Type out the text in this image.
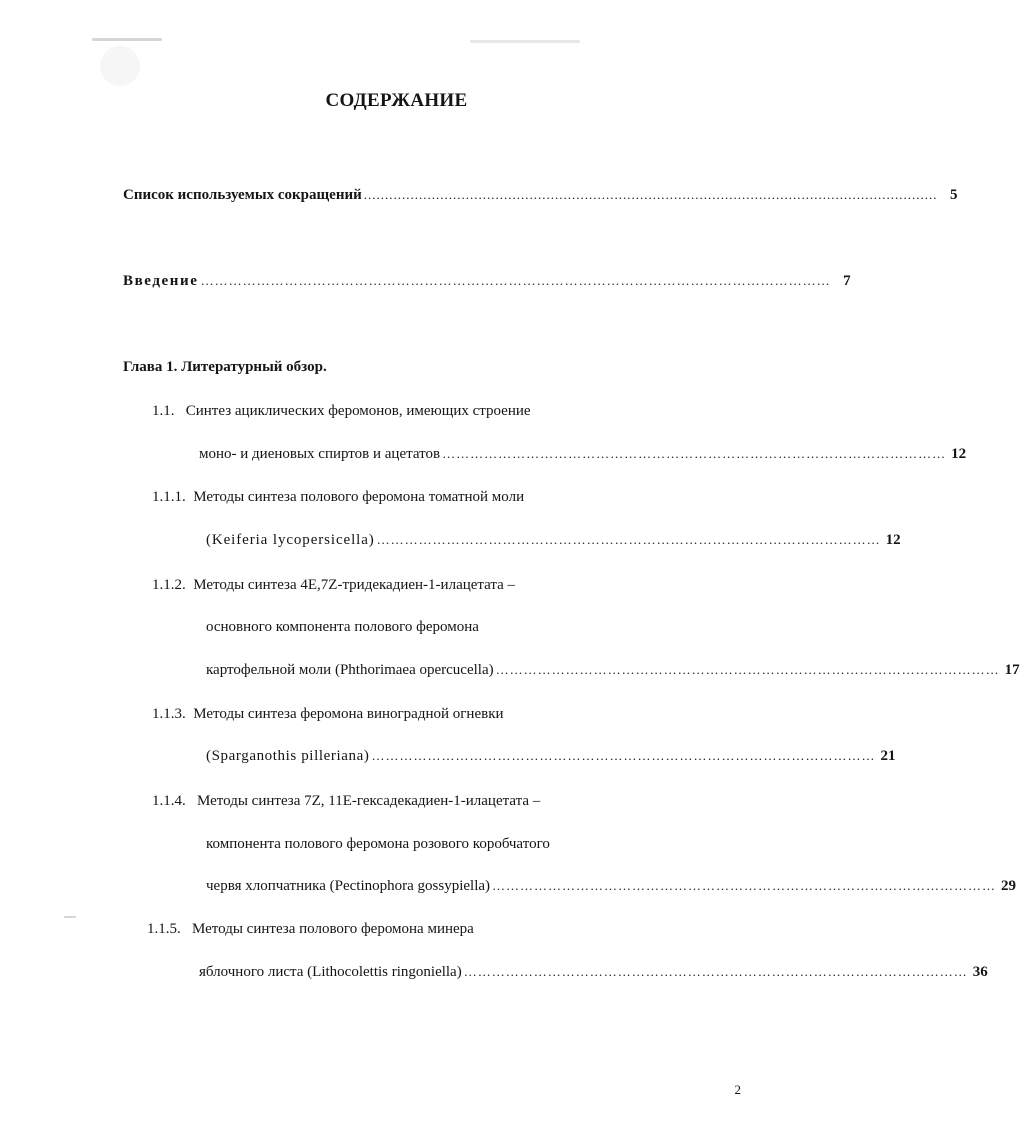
СОДЕРЖАНИЕ
Список используемых сокращений ....................................................................................................................................... 5
Введение ……………………………………………………………………………………………………………………… 7
Глава 1. Литературный обзор.
1.1. Синтез ациклических феромонов, имеющих строение
моно- и диеновых спиртов и ацетатов ……………………………………………………………………………………………… 12
1.1.1. Методы синтеза полового феромона томатной моли
(Keiferia lycopersicella) ……………………………………………………………………………………………… 12
1.1.2. Методы синтеза 4E,7Z-тридекадиен-1-илацетата –
основного компонента полового феромона
картофельной моли (Phthorimaea opercucella) ……………………………………………………………………………………………… 17
1.1.3. Методы синтеза феромона виноградной огневки
(Sparganothis pilleriana) ……………………………………………………………………………………………… 21
1.1.4. Методы синтеза 7Z, 11E-гексадекадиен-1-илацетата –
компонента полового феромона розового коробчатого
червя хлопчатника (Pectinophora gossypiella) ……………………………………………………………………………………………… 29
1.1.5. Методы синтеза полового феромона минера
яблочного листа (Lithocolettis ringoniella) ……………………………………………………………………………………………… 36
2
